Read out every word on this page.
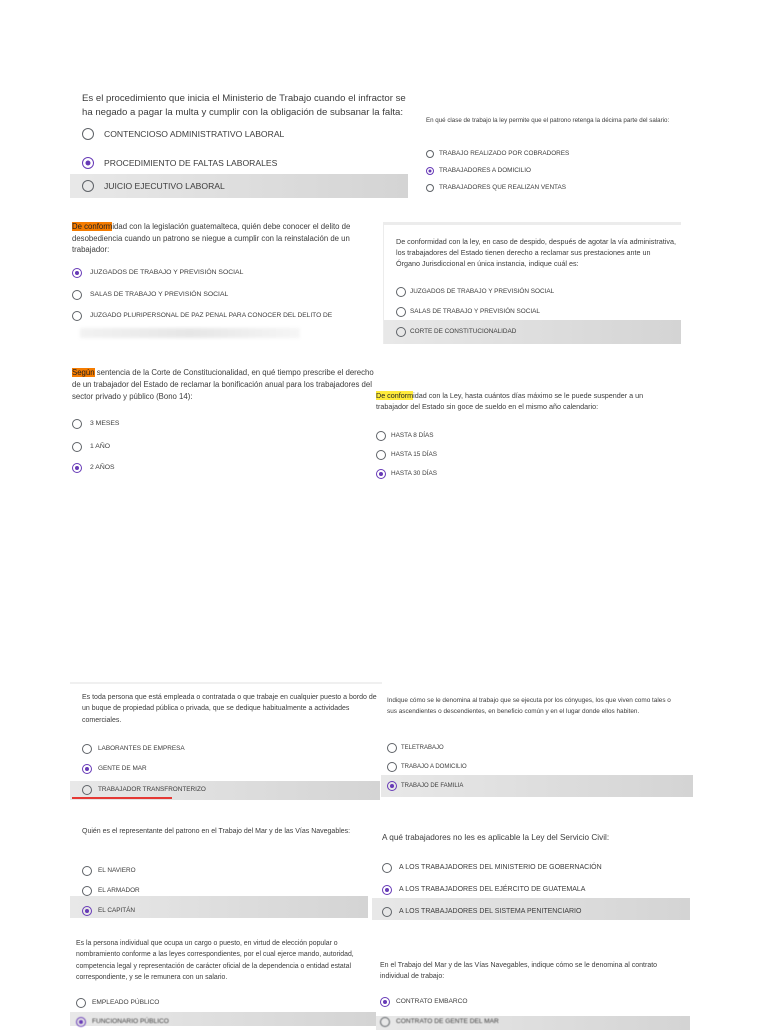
Es el procedimiento que inicia el Ministerio de Trabajo cuando el infractor se ha negado a pagar la multa y cumplir con la obligación de subsanar la falta:
CONTENCIOSO ADMINISTRATIVO LABORAL
PROCEDIMIENTO DE FALTAS LABORALES
JUICIO EJECUTIVO LABORAL
En qué clase de trabajo la ley permite que el patrono retenga la décima parte del salario:
TRABAJO REALIZADO POR COBRADORES
TRABAJADORES A DOMICILIO
TRABAJADORES QUE REALIZAN VENTAS
De conformidad con la legislación guatemalteca, quién debe conocer el delito de desobediencia cuando un patrono se niegue a cumplir con la reinstalación de un trabajador:
JUZGADOS DE TRABAJO Y PREVISIÓN SOCIAL
SALAS DE TRABAJO Y PREVISIÓN SOCIAL
JUZGADO PLURIPERSONAL DE PAZ PENAL PARA CONOCER DEL DELITO DE
De conformidad con la ley, en caso de despido, después de agotar la vía administrativa, los trabajadores del Estado tienen derecho a reclamar sus prestaciones ante un Órgano Jurisdiccional en única instancia, indique cuál es:
JUZGADOS DE TRABAJO Y PREVISIÓN SOCIAL
SALAS DE TRABAJO Y PREVISIÓN SOCIAL
CORTE DE CONSTITUCIONALIDAD
Según sentencia de la Corte de Constitucionalidad, en qué tiempo prescribe el derecho de un trabajador del Estado de reclamar la bonificación anual para los trabajadores del sector privado y público (Bono 14):
3 MESES
1 AÑO
2 AÑOS
De conformidad con la Ley, hasta cuántos días máximo se le puede suspender a un trabajador del Estado sin goce de sueldo en el mismo año calendario:
HASTA 8 DÍAS
HASTA 15 DÍAS
HASTA 30 DÍAS
Es toda persona que está empleada o contratada o que trabaje en cualquier puesto a bordo de un buque de propiedad pública o privada, que se dedique habitualmente a actividades comerciales.
LABORANTES DE EMPRESA
GENTE DE MAR
TRABAJADOR TRANSFRONTERIZO
Indique cómo se le denomina al trabajo que se ejecuta por los cónyuges, los que viven como tales o sus ascendientes o descendientes, en beneficio común y en el lugar donde ellos habiten.
TELETRABAJO
TRABAJO A DOMICILIO
TRABAJO DE FAMILIA
Quién es el representante del patrono en el Trabajo del Mar y de las Vías Navegables:
EL NAVIERO
EL ARMADOR
EL CAPITÁN
A qué trabajadores no les es aplicable la Ley del Servicio Civil:
A LOS TRABAJADORES DEL MINISTERIO DE GOBERNACIÓN
A LOS TRABAJADORES DEL EJÉRCITO DE GUATEMALA
A LOS TRABAJADORES DEL SISTEMA PENITENCIARIO
Es la persona individual que ocupa un cargo o puesto, en virtud de elección popular o nombramiento conforme a las leyes correspondientes, por el cual ejerce mando, autoridad, competencia legal y representación de carácter oficial de la dependencia o entidad estatal correspondiente, y se le remunera con un salario.
EMPLEADO PÚBLICO
FUNCIONARIO PÚBLICO
En el Trabajo del Mar y de las Vías Navegables, indique cómo se le denomina al contrato individual de trabajo:
CONTRATO EMBARCO
CONTRATO DE GENTE DEL MAR
